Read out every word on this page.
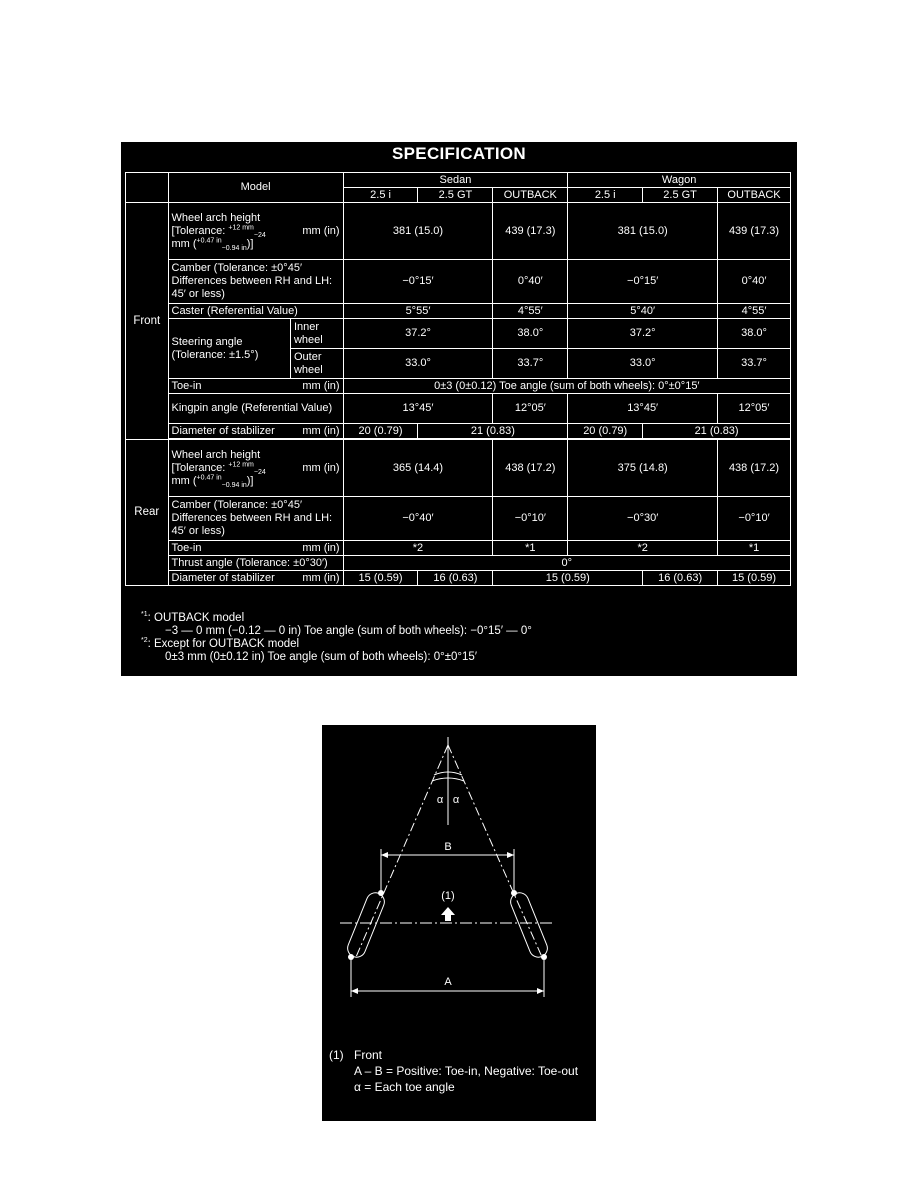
SPECIFICATION
	Model		Sedan			Wagon		
			2.5 i	2.5 GT	OUTBACK	2.5 i	2.5 GT	OUTBACK
Front	Wheel arch height
[Tolerance: $^{+12 mm}_{-24}$ mm (in)
mm ($^{+0.47 in}_{-0.94 in}$)]		381 (15.0)		439 (17.3)	381 (15.0)		439 (17.3)
	Camber (Tolerance: ±0°45′ Differences between RH and LH: 45′ or less)		−0°15′		0°40′	−0°15′		0°40′
	Caster (Referential Value)		5°55′		4°55′	5°40′		4°55′
	Steering angle (Tolerance: ±1.5°)	Inner wheel	37.2°		38.0°	37.2°		38.0°
		Outer wheel	33.0°		33.7°	33.0°		33.7°

	Toe-in mm (in)		0±3 (0±0.12) Toe angle (sum of both wheels): 0°±0°15′					
	Kingpin angle (Referential Value)		13°45′		12°05′	13°45′		12°05′

	Diameter of stabilizer mm (in)		20 (0.79)	21 (0.83)		20 (0.79)	21 (0.83)	

Rear	Wheel arch height
[Tolerance: $^{+12 mm}_{-24}$ mm (in)
mm ($^{+0.47 in}_{-0.94 in}$)]		365 (14.4)		438 (17.2)	375 (14.8)		438 (17.2)
	Camber (Tolerance: ±0°45′ Differences between RH and LH: 45′ or less)		−0°40′		−0°10′	−0°30′		−0°10′

	Toe-in mm (in)		*2		*1	*2		*1
	Thrust angle (Tolerance: ±0°30′)		0°					

	Diameter of stabilizer mm (in)		15 (0.59)	16 (0.63)	15 (0.59)		16 (0.63)	15 (0.59)
$^{*1}$: OUTBACK model
−3 — 0 mm (−0.12 — 0 in) Toe angle (sum of both wheels): −0°15′ — 0°
$^{*2}$: Except for OUTBACK model
0±3 mm (0±0.12 in) Toe angle (sum of both wheels): 0°±0°15′
α α
B
(1)
A
(1) Front
A – B = Positive: Toe-in, Negative: Toe-out
α = Each toe angle
